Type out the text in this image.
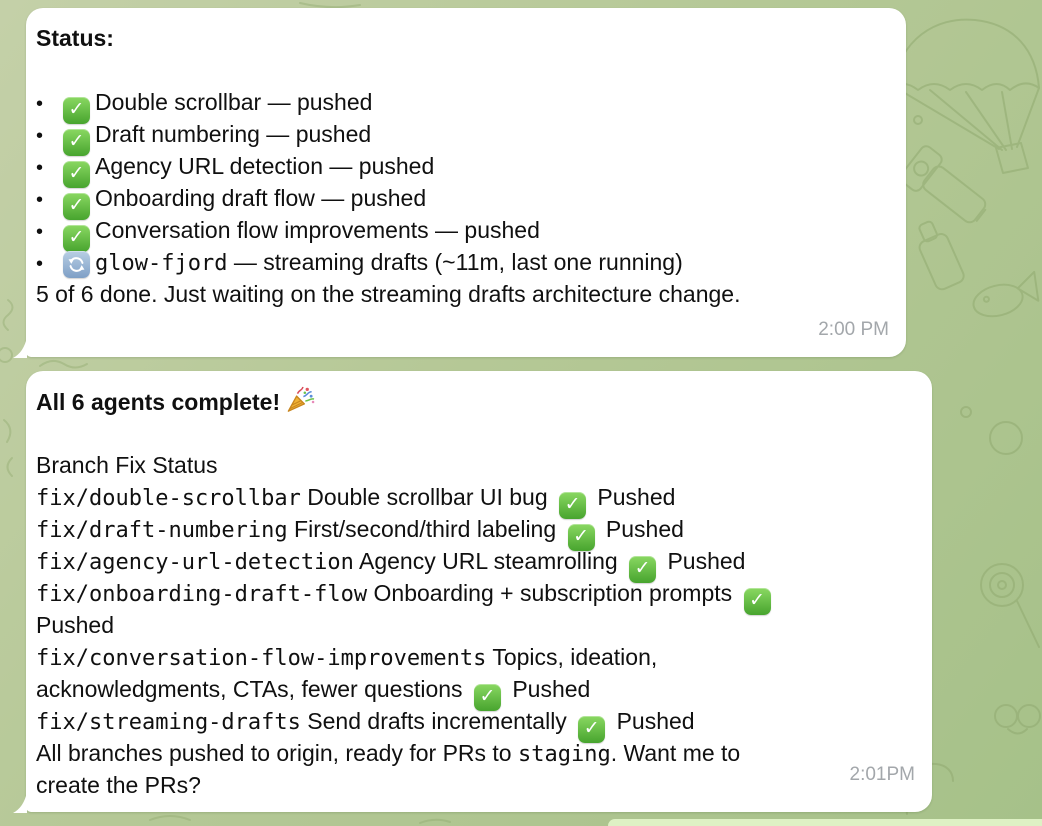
Status:
• ✓ Double scrollbar — pushed
• ✓ Draft numbering — pushed
• ✓ Agency URL detection — pushed
• ✓ Onboarding draft flow — pushed
• ✓ Conversation flow improvements — pushed
• glow-fjord — streaming drafts (~11m, last one running)
5 of 6 done. Just waiting on the streaming drafts architecture change.
2:00 PM
All 6 agents complete!
Branch Fix Status
fix/double-scrollbar Double scrollbar UI bug ✓ Pushed
fix/draft-numbering First/second/third labeling ✓ Pushed
fix/agency-url-detection Agency URL steamrolling ✓ Pushed
fix/onboarding-draft-flow Onboarding + subscription prompts ✓
Pushed
fix/conversation-flow-improvements Topics, ideation,
acknowledgments, CTAs, fewer questions ✓ Pushed
fix/streaming-drafts Send drafts incrementally ✓ Pushed
All branches pushed to origin, ready for PRs to staging. Want me to
create the PRs?	2:01PM
